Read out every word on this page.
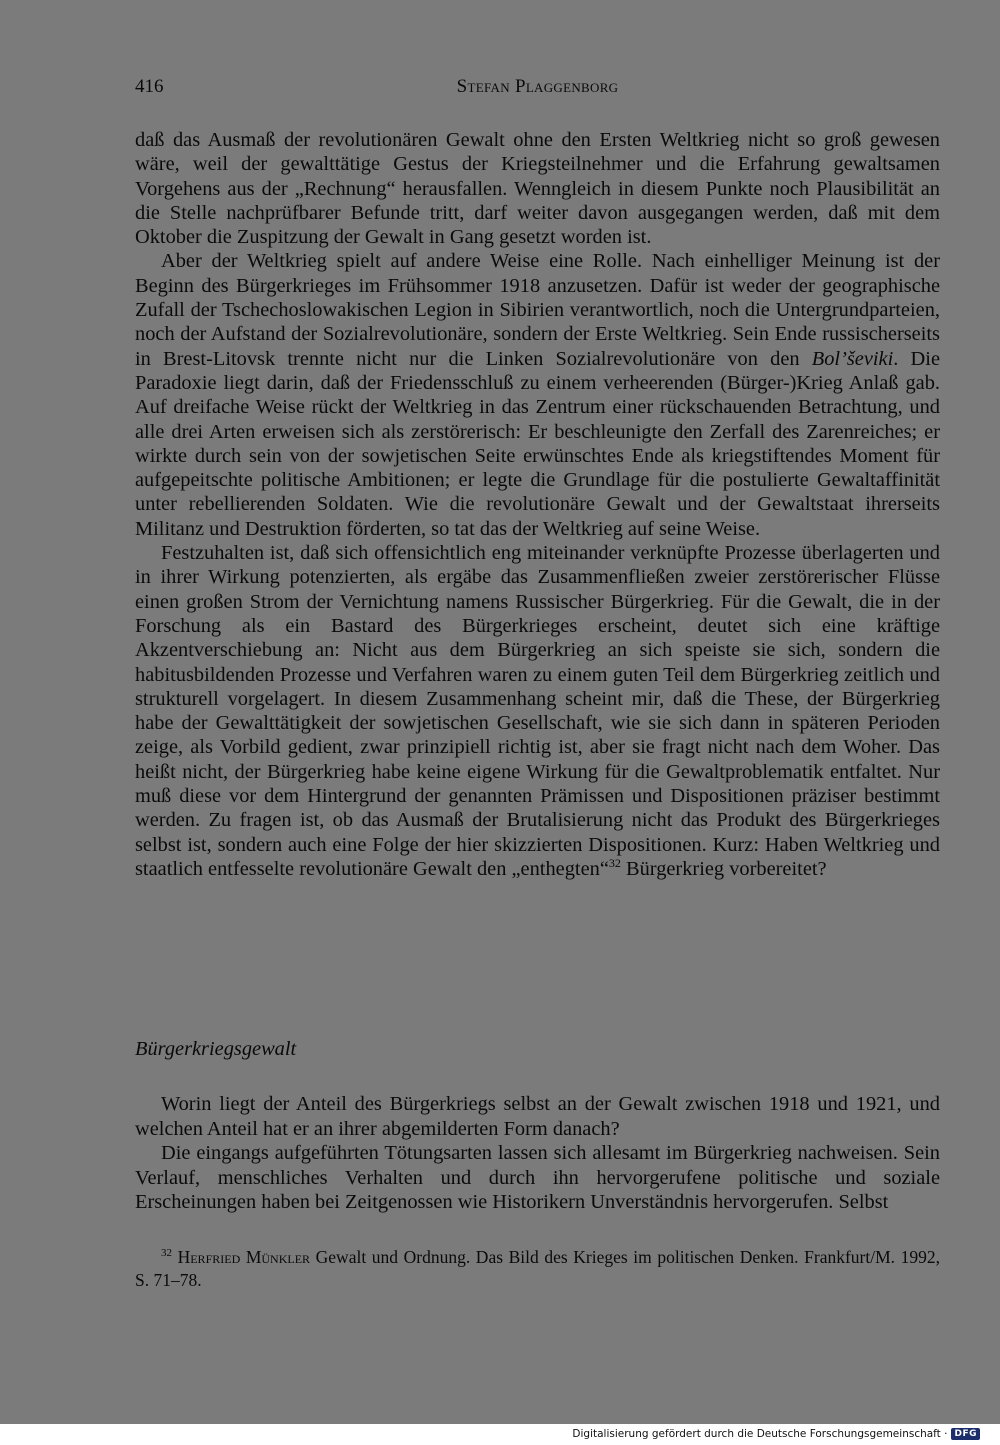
416	Stefan Plaggenborg

daß das Ausmaß der revolutionären Gewalt ohne den Ersten Weltkrieg nicht so groß gewesen wäre, weil der gewalttätige Gestus der Kriegsteilnehmer und die Erfahrung gewaltsamen Vorgehens aus der „Rechnung“ herausfallen. Wenngleich in diesem Punkte noch Plausibilität an die Stelle nachprüfbarer Befunde tritt, darf weiter davon ausgegangen werden, daß mit dem Oktober die Zuspitzung der Gewalt in Gang gesetzt worden ist.

Aber der Weltkrieg spielt auf andere Weise eine Rolle. Nach einhelliger Meinung ist der Beginn des Bürgerkrieges im Frühsommer 1918 anzusetzen. Dafür ist weder der geographische Zufall der Tschechoslowakischen Legion in Sibirien verantwortlich, noch die Untergrundparteien, noch der Aufstand der Sozialrevolutionäre, sondern der Erste Weltkrieg. Sein Ende russischerseits in Brest-Litovsk trennte nicht nur die Linken Sozialrevolutionäre von den Bol’ševiki. Die Paradoxie liegt darin, daß der Friedensschluß zu einem verheerenden (Bürger-)Krieg Anlaß gab. Auf dreifache Weise rückt der Weltkrieg in das Zentrum einer rückschauenden Betrachtung, und alle drei Arten erweisen sich als zerstörerisch: Er beschleunigte den Zerfall des Zarenreiches; er wirkte durch sein von der sowjetischen Seite erwünschtes Ende als kriegstiftendes Moment für aufgepeitschte politische Ambitionen; er legte die Grundlage für die postulierte Gewaltaffinität unter rebellierenden Soldaten. Wie die revolutionäre Gewalt und der Gewaltstaat ihrerseits Militanz und Destruktion förderten, so tat das der Weltkrieg auf seine Weise.

Festzuhalten ist, daß sich offensichtlich eng miteinander verknüpfte Prozesse überlagerten und in ihrer Wirkung potenzierten, als ergäbe das Zusammenfließen zweier zerstörerischer Flüsse einen großen Strom der Vernichtung namens Russischer Bürgerkrieg. Für die Gewalt, die in der Forschung als ein Bastard des Bürgerkrieges erscheint, deutet sich eine kräftige Akzentverschiebung an: Nicht aus dem Bürgerkrieg an sich speiste sie sich, sondern die habitusbildenden Prozesse und Verfahren waren zu einem guten Teil dem Bürgerkrieg zeitlich und strukturell vorgelagert. In diesem Zusammenhang scheint mir, daß die These, der Bürgerkrieg habe der Gewalttätigkeit der sowjetischen Gesellschaft, wie sie sich dann in späteren Perioden zeige, als Vorbild gedient, zwar prinzipiell richtig ist, aber sie fragt nicht nach dem Woher. Das heißt nicht, der Bürgerkrieg habe keine eigene Wirkung für die Gewaltproblematik entfaltet. Nur muß diese vor dem Hintergrund der genannten Prämissen und Dispositionen präziser bestimmt werden. Zu fragen ist, ob das Ausmaß der Brutalisierung nicht das Produkt des Bürgerkrieges selbst ist, sondern auch eine Folge der hier skizzierten Dispositionen. Kurz: Haben Weltkrieg und staatlich entfesselte revolutionäre Gewalt den „enthegten“$^{32}$ Bürgerkrieg vorbereitet?

Bürgerkriegsgewalt

Worin liegt der Anteil des Bürgerkriegs selbst an der Gewalt zwischen 1918 und 1921, und welchen Anteil hat er an ihrer abgemilderten Form danach?

Die eingangs aufgeführten Tötungsarten lassen sich allesamt im Bürgerkrieg nachweisen. Sein Verlauf, menschliches Verhalten und durch ihn hervorgerufene politische und soziale Erscheinungen haben bei Zeitgenossen wie Historikern Unverständnis hervorgerufen. Selbst

$^{32}$ Herfried Münkler Gewalt und Ordnung. Das Bild des Krieges im politischen Denken. Frankfurt/M. 1992, S. 71–78.
Digitalisierung gefördert durch die Deutsche Forschungsgemeinschaft · DFG
